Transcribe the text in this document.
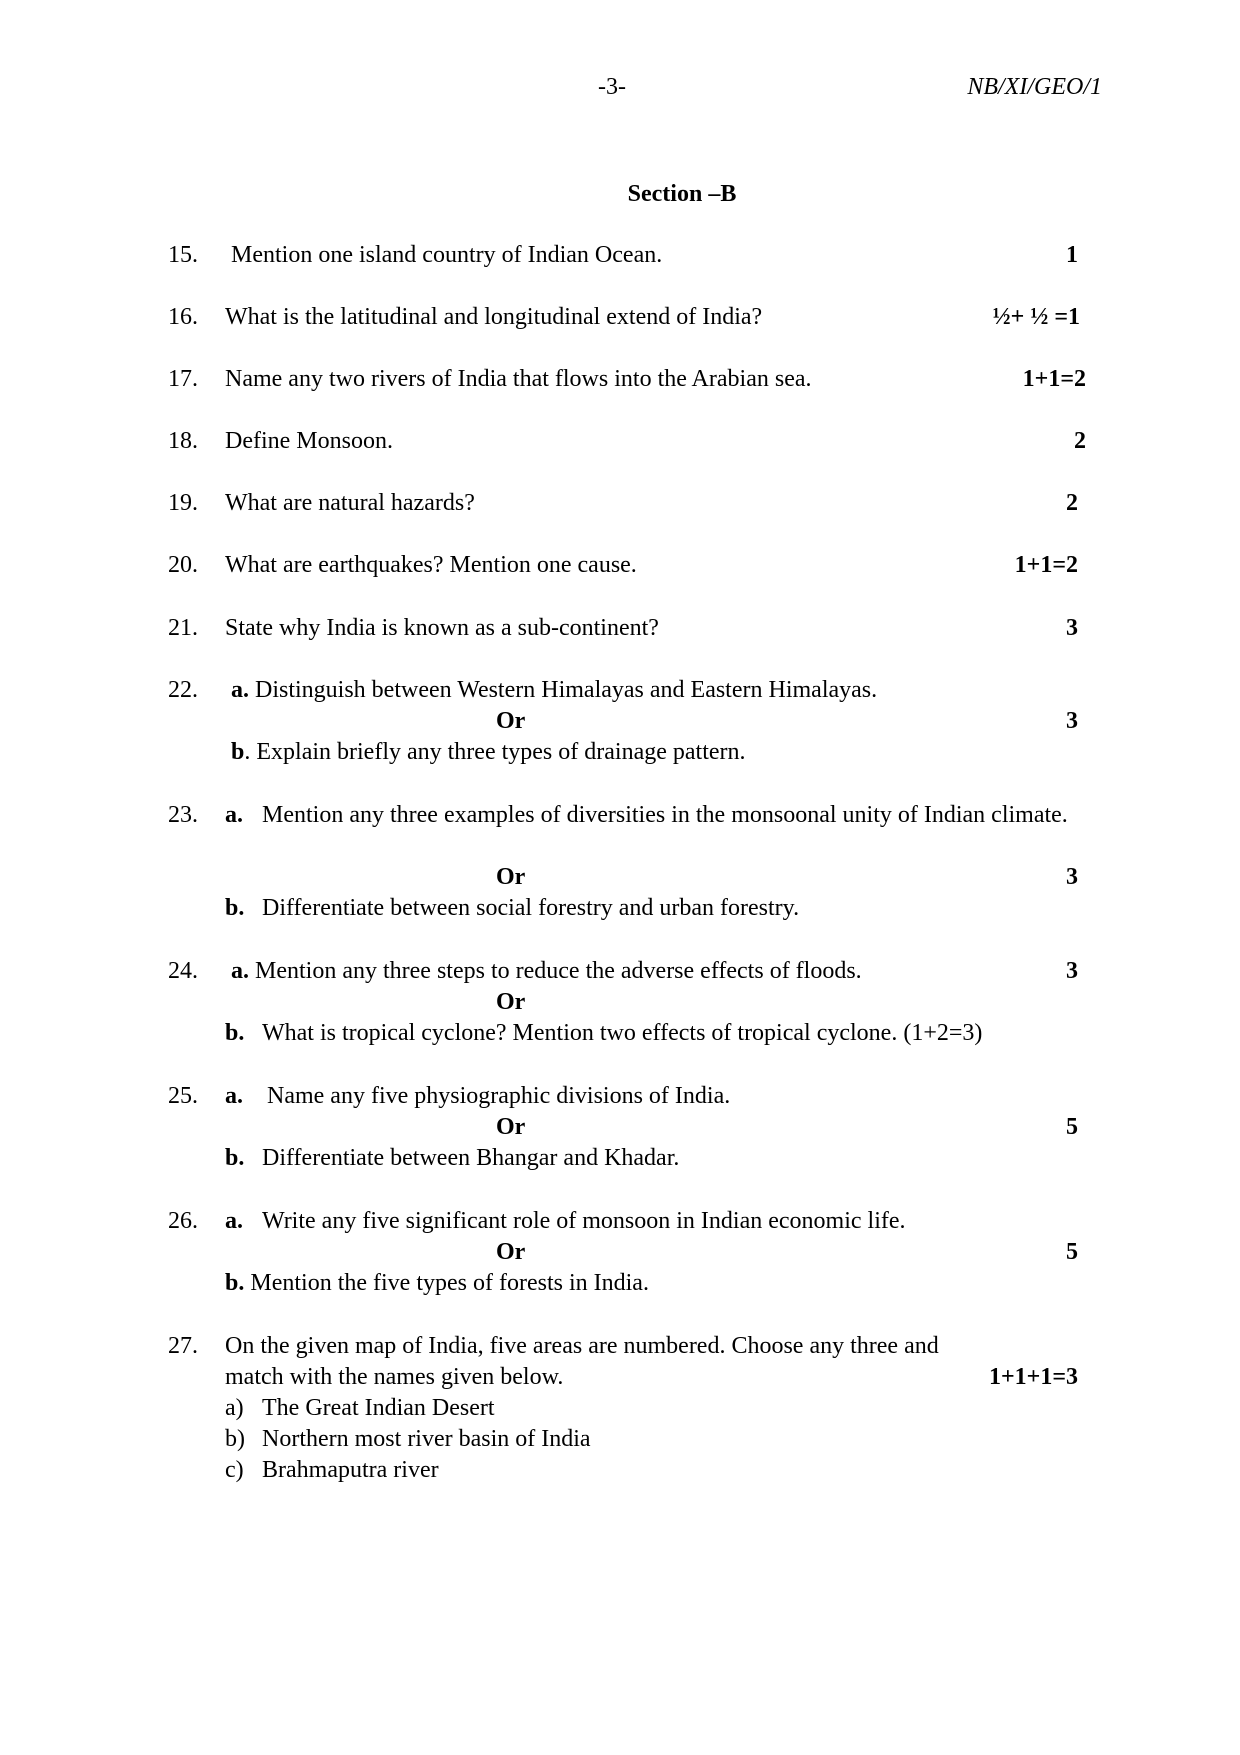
-3-	NB/XI/GEO/1
Section –B
15. Mention one island country of Indian Ocean.	1
16. What is the latitudinal and longitudinal extend of India?	½+ ½ =1
17. Name any two rivers of India that flows into the Arabian sea.	1+1=2
18. Define Monsoon.	2
19. What are natural hazards?	2
20. What are earthquakes? Mention one cause.	1+1=2
21. State why India is known as a sub-continent?	3
22. a. Distinguish between Western Himalayas and Eastern Himalayas.
Or	3
b. Explain briefly any three types of drainage pattern.
23. a. Mention any three examples of diversities in the monsoonal unity of Indian climate.
Or	3
b. Differentiate between social forestry and urban forestry.
24. a. Mention any three steps to reduce the adverse effects of floods.	3
Or
b. What is tropical cyclone? Mention two effects of tropical cyclone. (1+2=3)
25. a. Name any five physiographic divisions of India.
Or	5
b. Differentiate between Bhangar and Khadar.
26. a. Write any five significant role of monsoon in Indian economic life.
Or	5
b. Mention the five types of forests in India.
27. On the given map of India, five areas are numbered. Choose any three and
match with the names given below.	1+1+1=3
a) The Great Indian Desert
b) Northern most river basin of India
c) Brahmaputra river
